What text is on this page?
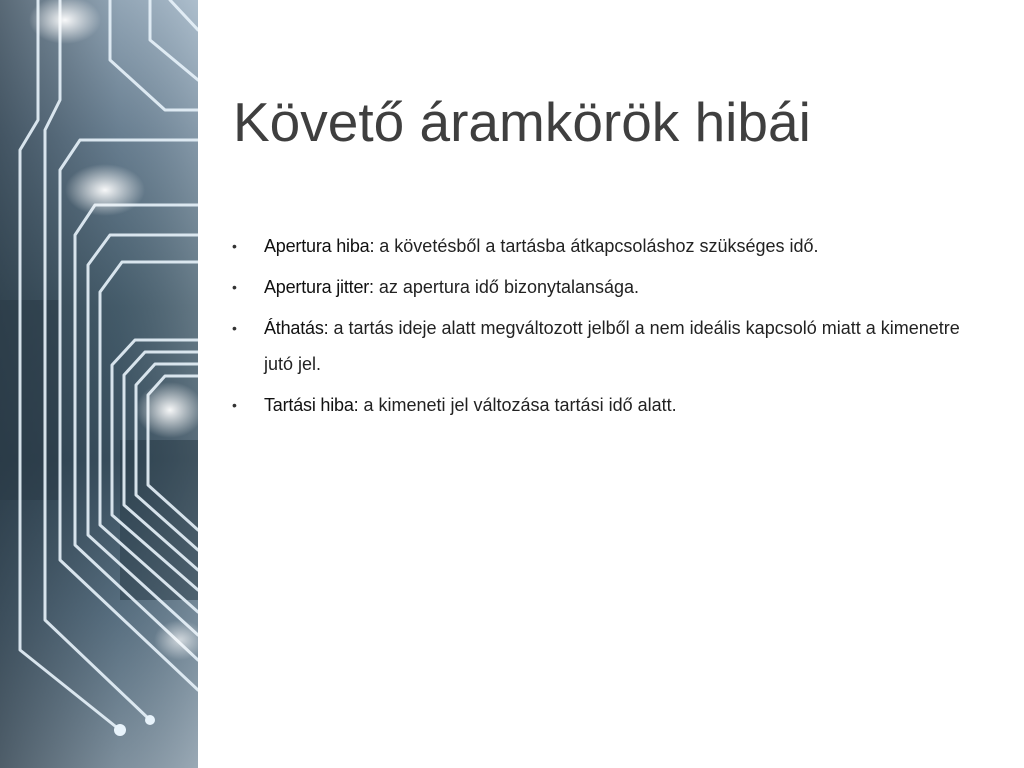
Követő áramkörök hibái
• Apertura hiba: a követésből a tartásba átkapcsoláshoz szükséges idő.
• Apertura jitter: az apertura idő bizonytalansága.
• Áthatás: a tartás ideje alatt megváltozott jelből a nem ideális kapcsoló miatt a kimenetre jutó jel.
• Tartási hiba: a kimeneti jel változása tartási idő alatt.
